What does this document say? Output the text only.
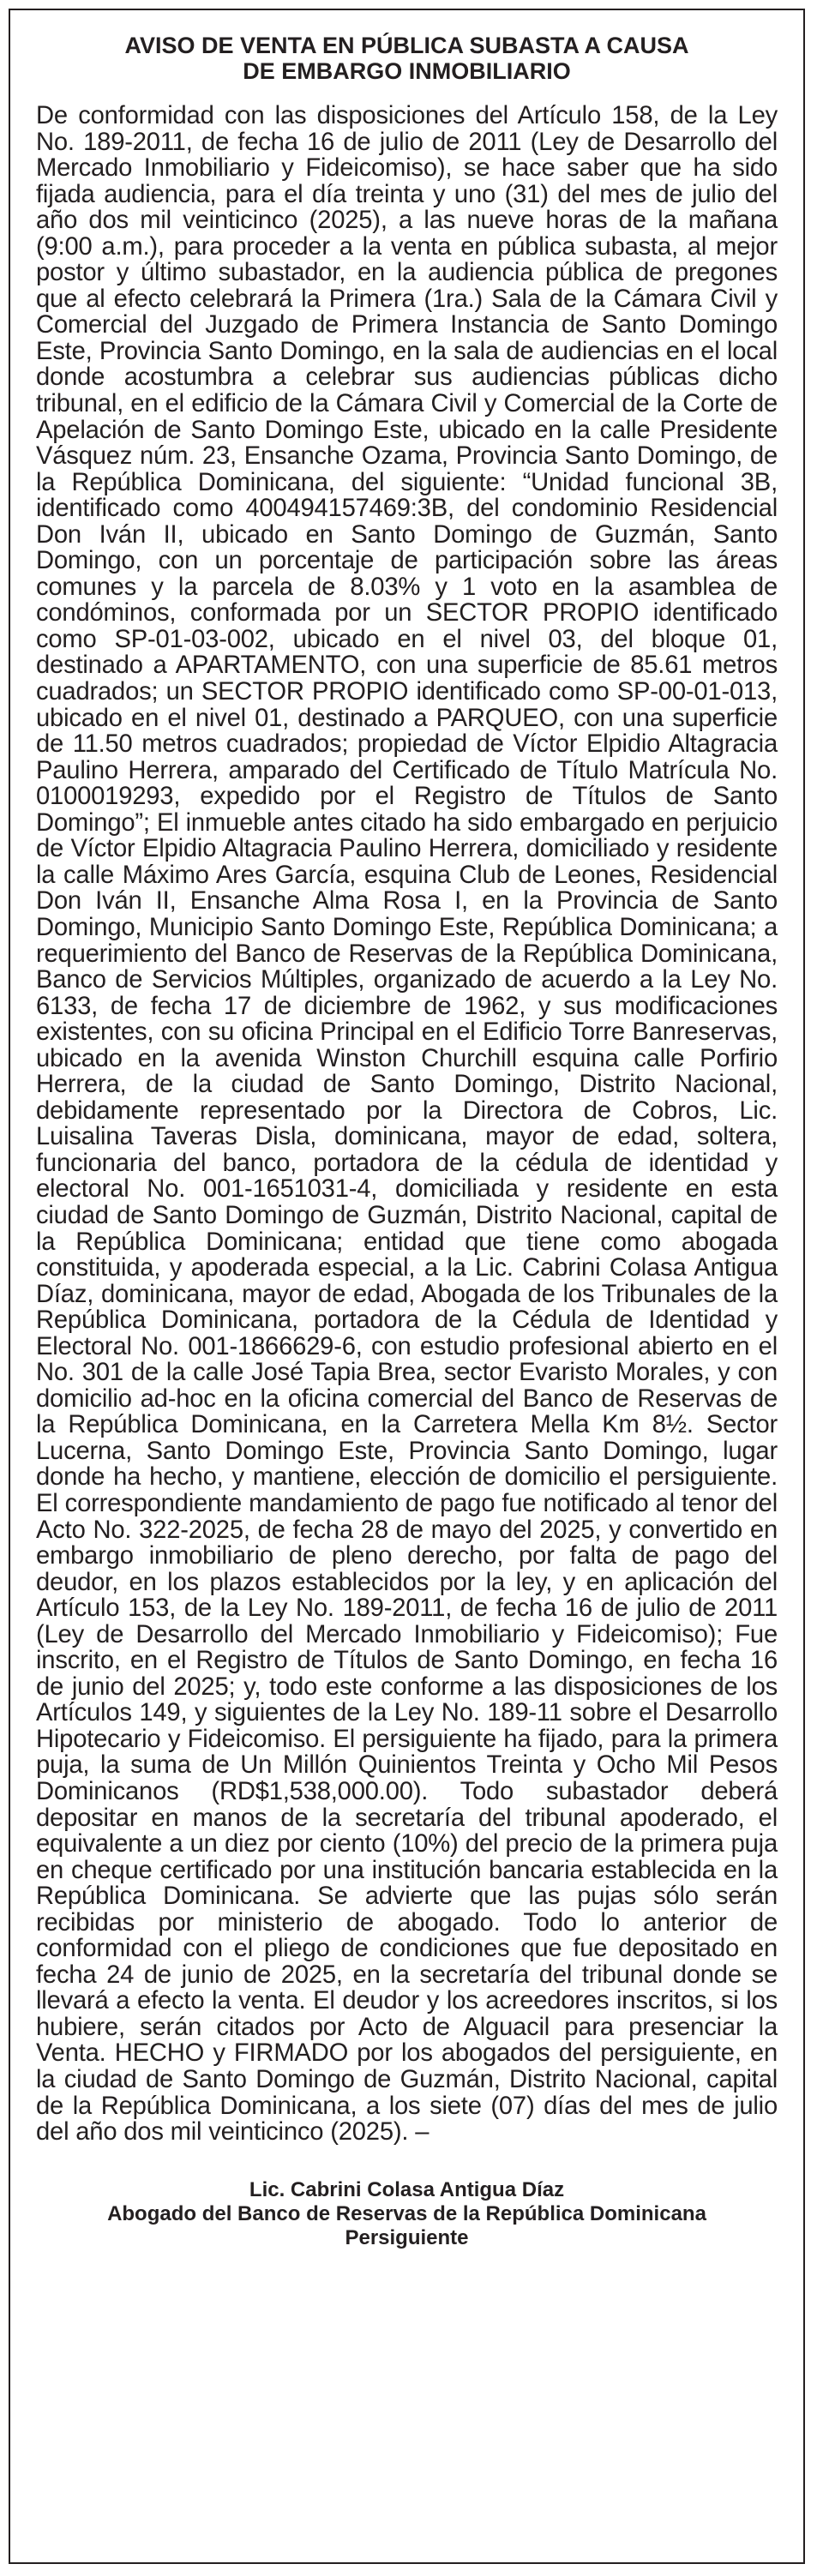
AVISO DE VENTA EN PÚBLICA SUBASTA A CAUSA
DE EMBARGO INMOBILIARIO
De conformidad con las disposiciones del Artículo 158, de la Ley No. 189-2011, de fecha 16 de julio de 2011 (Ley de Desarrollo del Mercado Inmobiliario y Fideicomiso), se hace saber que ha sido fijada audiencia, para el día treinta y uno (31) del mes de julio del año dos mil veinticinco (2025), a las nueve horas de la mañana (9:00 a.m.), para proceder a la venta en pública subasta, al mejor postor y último subastador, en la audiencia pública de pregones que al efecto celebrará la Primera (1ra.) Sala de la Cámara Civil y Comercial del Juzgado de Primera Instancia de Santo Domingo Este, Provincia Santo Domingo, en la sala de audiencias en el local donde acostumbra a celebrar sus audiencias públicas dicho tribunal, en el edificio de la Cámara Civil y Comercial de la Corte de Apelación de Santo Domingo Este, ubicado en la calle Presidente Vásquez núm. 23, Ensanche Ozama, Provincia Santo Domingo, de la República Dominicana, del siguiente: “Unidad funcional 3B, identificado como 400494157469:3B, del condominio Residencial Don Iván II, ubicado en Santo Domingo de Guzmán, Santo Domingo, con un porcentaje de participación sobre las áreas comunes y la parcela de 8.03% y 1 voto en la asamblea de condóminos, conformada por un SECTOR PROPIO identificado como SP-01-03-002, ubicado en el nivel 03, del bloque 01, destinado a APARTAMENTO, con una superficie de 85.61 metros cuadrados; un SECTOR PROPIO identificado como SP-00-01-013, ubicado en el nivel 01, destinado a PARQUEO, con una superficie de 11.50 metros cuadrados; propiedad de Víctor Elpidio Altagracia Paulino Herrera, amparado del Certificado de Título Matrícula No. 0100019293, expedido por el Registro de Títulos de Santo Domingo”; El inmueble antes citado ha sido embargado en perjuicio de Víctor Elpidio Altagracia Paulino Herrera, domiciliado y residente la calle Máximo Ares García, esquina Club de Leones, Residencial Don Iván II, Ensanche Alma Rosa I, en la Provincia de Santo Domingo, Municipio Santo Domingo Este, República Dominicana; a requerimiento del Banco de Reservas de la República Dominicana, Banco de Servicios Múltiples, organizado de acuerdo a la Ley No. 6133, de fecha 17 de diciembre de 1962, y sus modificaciones existentes, con su oficina Principal en el Edificio Torre Banreservas, ubicado en la avenida Winston Churchill esquina calle Porfirio Herrera, de la ciudad de Santo Domingo, Distrito Nacional, debidamente representado por la Directora de Cobros, Lic. Luisalina Taveras Disla, dominicana, mayor de edad, soltera, funcionaria del banco, portadora de la cédula de identidad y electoral No. 001-1651031-4, domiciliada y residente en esta ciudad de Santo Domingo de Guzmán, Distrito Nacional, capital de la República Dominicana; entidad que tiene como abogada constituida, y apoderada especial, a la Lic. Cabrini Colasa Antigua Díaz, dominicana, mayor de edad, Abogada de los Tribunales de la República Dominicana, portadora de la Cédula de Identidad y Electoral No. 001-1866629-6, con estudio profesional abierto en el No. 301 de la calle José Tapia Brea, sector Evaristo Morales, y con domicilio ad-hoc en la oficina comercial del Banco de Reservas de la República Dominicana, en la Carretera Mella Km 8½. Sector Lucerna, Santo Domingo Este, Provincia Santo Domingo, lugar donde ha hecho, y mantiene, elección de domicilio el persiguiente. El correspondiente mandamiento de pago fue notificado al tenor del Acto No. 322-2025, de fecha 28 de mayo del 2025, y convertido en embargo inmobiliario de pleno derecho, por falta de pago del deudor, en los plazos establecidos por la ley, y en aplicación del Artículo 153, de la Ley No. 189-2011, de fecha 16 de julio de 2011 (Ley de Desarrollo del Mercado Inmobiliario y Fideicomiso); Fue inscrito, en el Registro de Títulos de Santo Domingo, en fecha 16 de junio del 2025; y, todo este conforme a las disposiciones de los Artículos 149, y siguientes de la Ley No. 189-11 sobre el Desarrollo Hipotecario y Fideicomiso. El persiguiente ha fijado, para la primera puja, la suma de Un Millón Quinientos Treinta y Ocho Mil Pesos Dominicanos (RD$1,538,000.00). Todo subastador deberá depositar en manos de la secretaría del tribunal apoderado, el equivalente a un diez por ciento (10%) del precio de la primera puja en cheque certificado por una institución bancaria establecida en la República Dominicana. Se advierte que las pujas sólo serán recibidas por ministerio de abogado. Todo lo anterior de conformidad con el pliego de condiciones que fue depositado en fecha 24 de junio de 2025, en la secretaría del tribunal donde se llevará a efecto la venta. El deudor y los acreedores inscritos, si los hubiere, serán citados por Acto de Alguacil para presenciar la Venta. HECHO y FIRMADO por los abogados del persiguiente, en la ciudad de Santo Domingo de Guzmán, Distrito Nacional, capital de la República Dominicana, a los siete (07) días del mes de julio del año dos mil veinticinco (2025). –
Lic. Cabrini Colasa Antigua Díaz
Abogado del Banco de Reservas de la República Dominicana
Persiguiente
